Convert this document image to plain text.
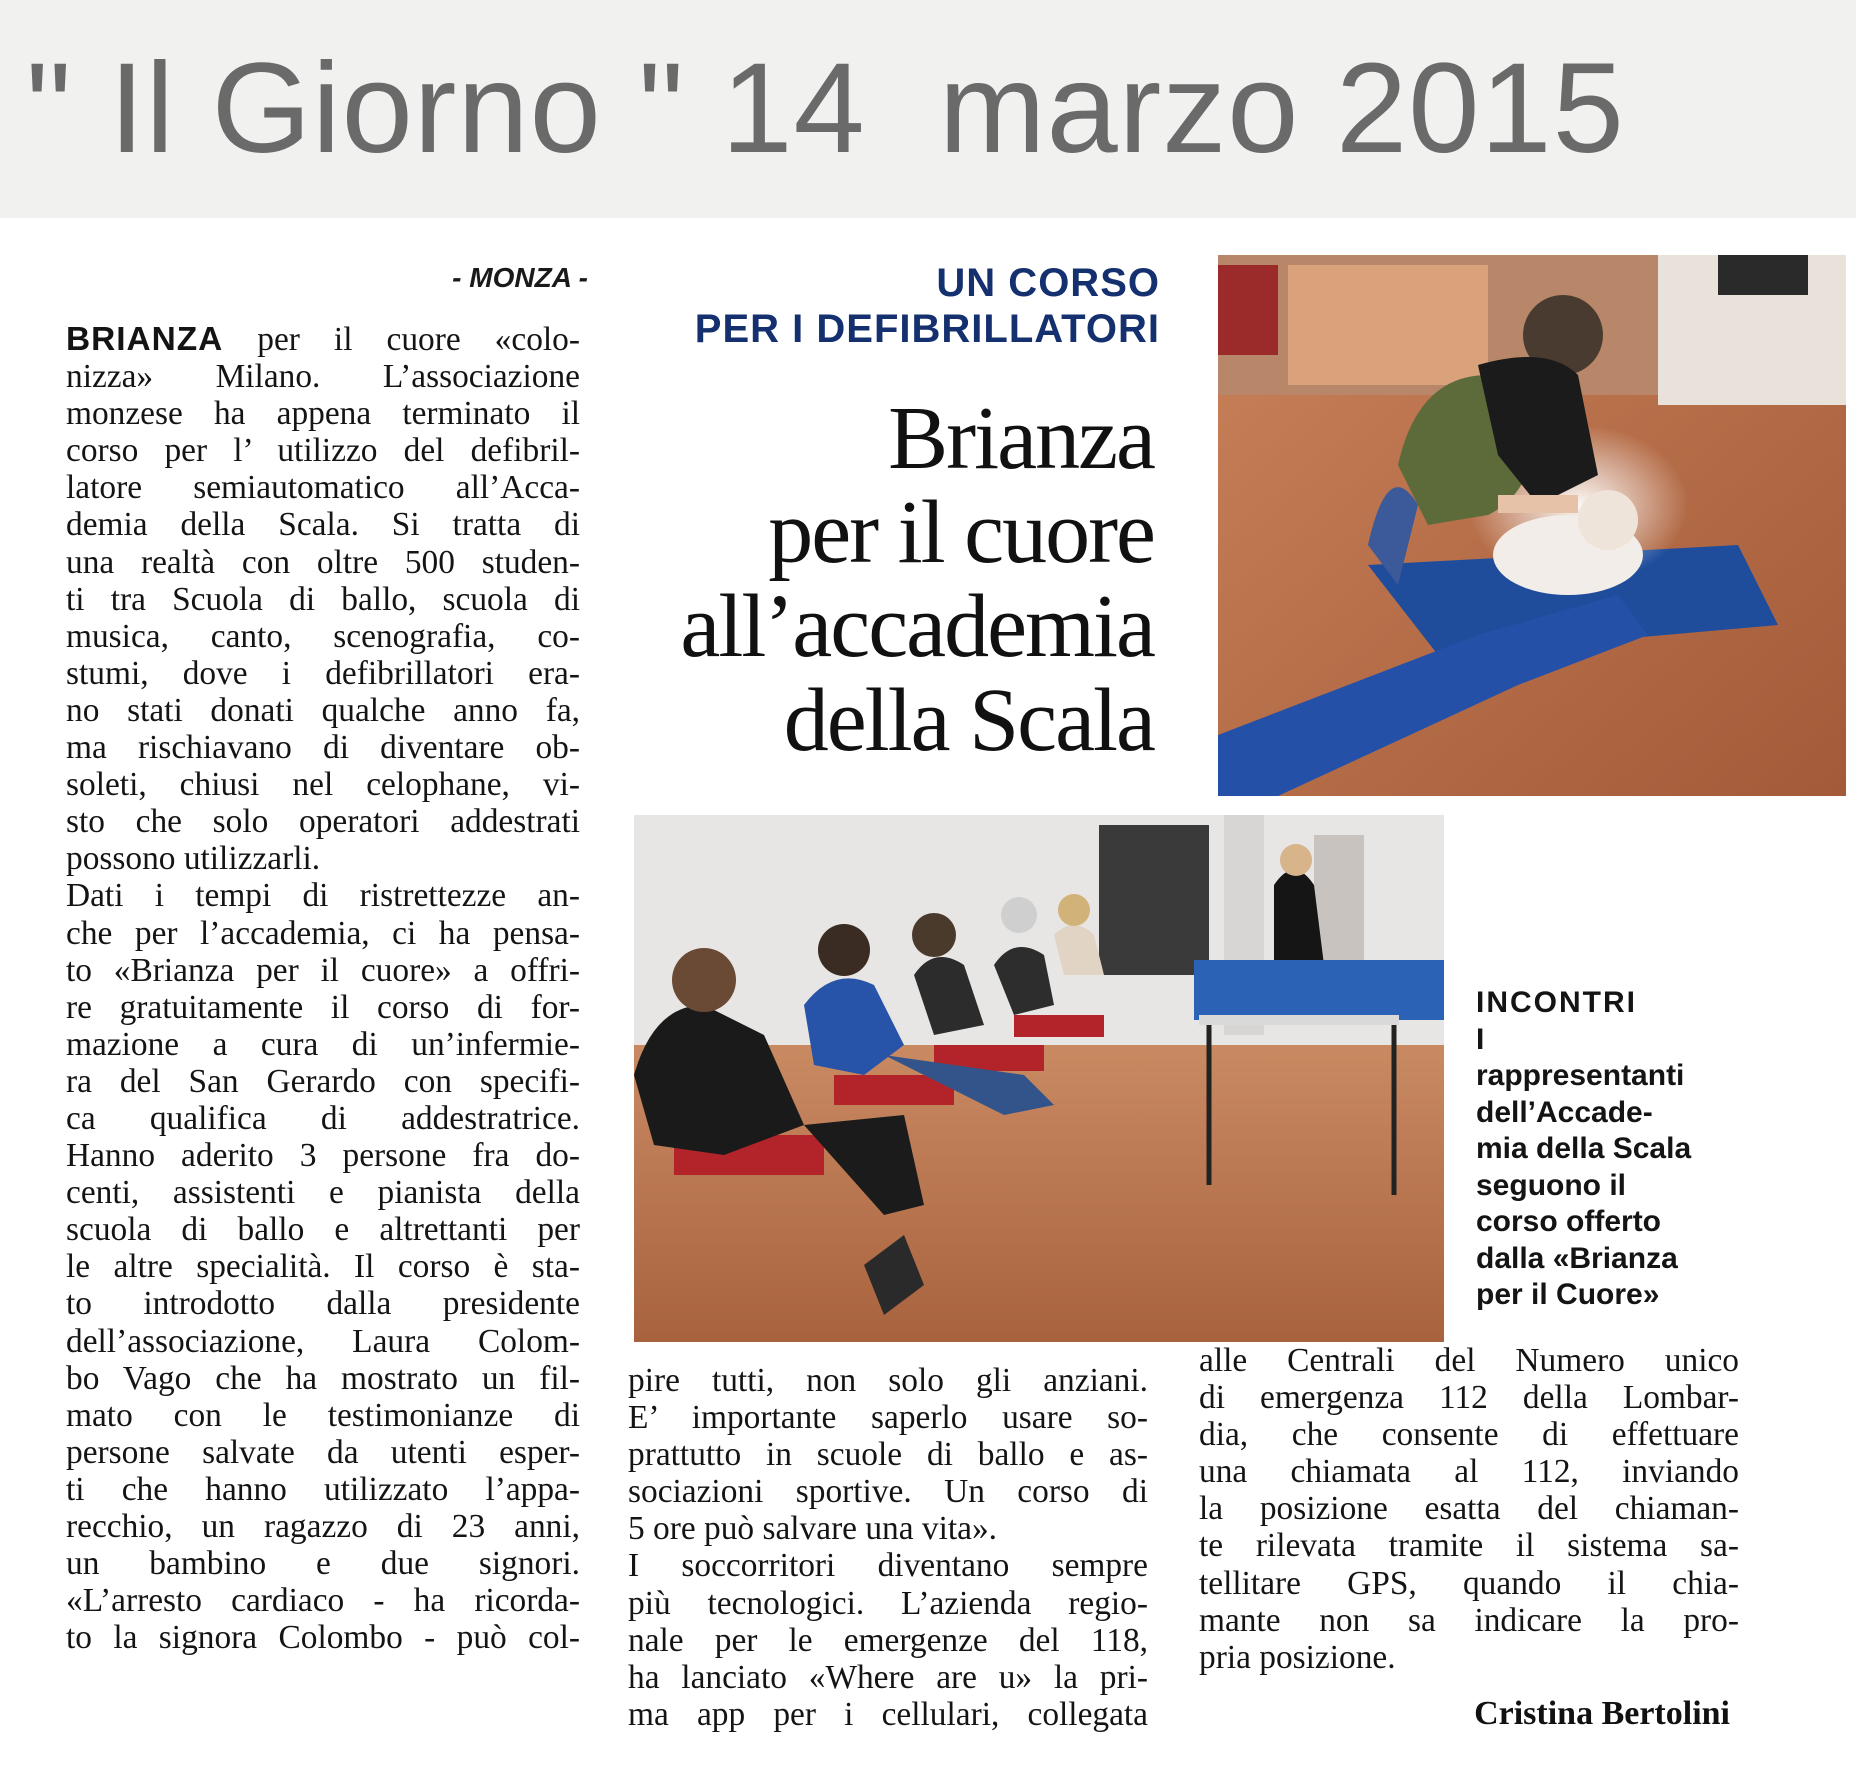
" Il Giorno " 14  marzo 2015
- MONZA -
BRIANZA per il cuore «colo-
nizza» Milano. L’associazione
monzese ha appena terminato il
corso per l’ utilizzo del defibril-
latore semiautomatico all’Acca-
demia della Scala. Si tratta di
una realtà con oltre 500 studen-
ti tra Scuola di ballo, scuola di
musica, canto, scenografia, co-
stumi, dove i defibrillatori era-
no stati donati qualche anno fa,
ma rischiavano di diventare ob-
soleti, chiusi nel celophane, vi-
sto che solo operatori addestrati
possono utilizzarli.
Dati i tempi di ristrettezze an-
che per l’accademia, ci ha pensa-
to «Brianza per il cuore» a offri-
re gratuitamente il corso di for-
mazione a cura di un’infermie-
ra del San Gerardo con specifi-
ca qualifica di addestratrice.
Hanno aderito 3 persone fra do-
centi, assistenti e pianista della
scuola di ballo e altrettanti per
le altre specialità. Il corso è sta-
to introdotto dalla presidente
dell’associazione, Laura Colom-
bo Vago che ha mostrato un fil-
mato con le testimonianze di
persone salvate da utenti esper-
ti che hanno utilizzato l’appa-
recchio, un ragazzo di 23 anni,
un bambino e due signori.
«L’arresto cardiaco - ha ricorda-
to la signora Colombo - può col-
UN CORSO
PER I DEFIBRILLATORI
Brianza
per il cuore
all’accademia
della Scala
INCONTRI
I
rappresentanti
dell’Accade-
mia della Scala
seguono il
corso offerto
dalla «Brianza
per il Cuore»
pire tutti, non solo gli anziani.
E’ importante saperlo usare so-
prattutto in scuole di ballo e as-
sociazioni sportive. Un corso di
5 ore può salvare una vita».
I soccorritori diventano sempre
più tecnologici. L’azienda regio-
nale per le emergenze del 118,
ha lanciato «Where are u» la pri-
ma app per i cellulari, collegata
alle Centrali del Numero unico
di emergenza 112 della Lombar-
dia, che consente di effettuare
una chiamata al 112, inviando
la posizione esatta del chiaman-
te rilevata tramite il sistema sa-
tellitare GPS, quando il chia-
mante non sa indicare la pro-
pria posizione.
Cristina Bertolini
